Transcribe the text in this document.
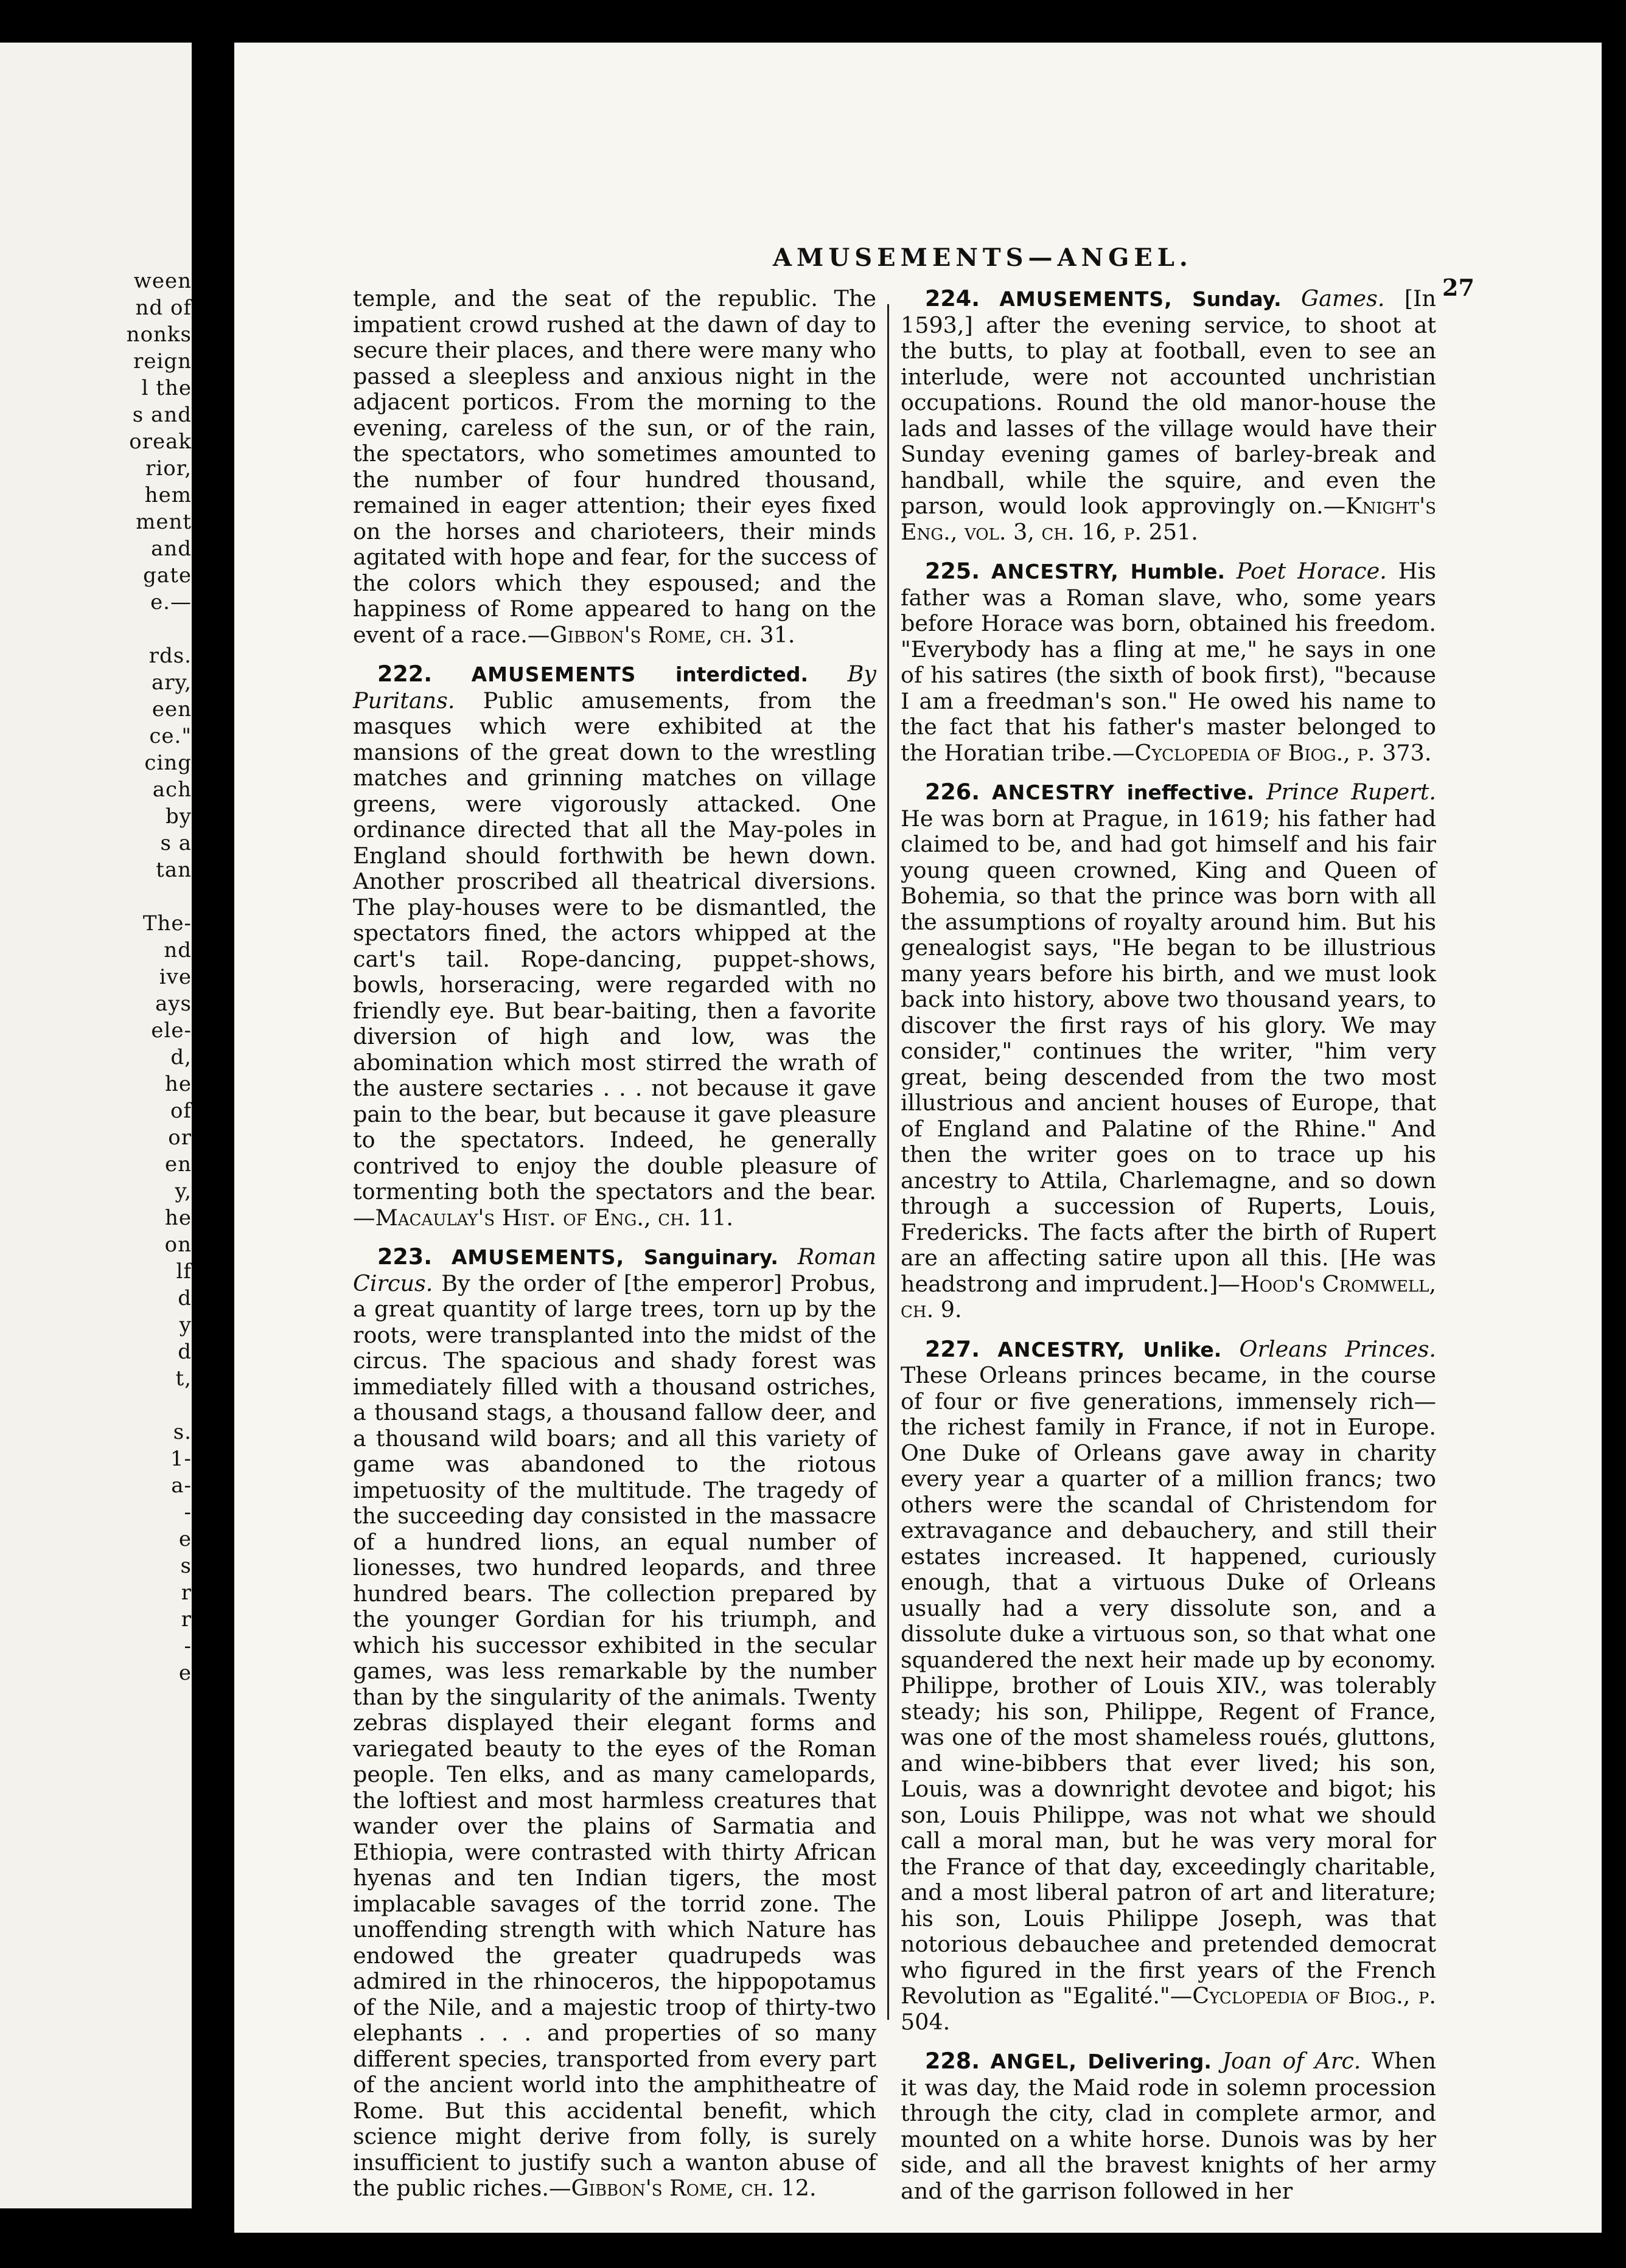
ween
nd of
nonks
reign
l the
s and
oreak
rior,
hem
ment
and
gate
e.—

rds.
ary,
een
ce."
cing
ach
by
s a
tan

The-
nd
ive
ays
ele-
d,
he
of
or
en
y,
he
on
lf
d
y
d
t,

s.
1-
a-
-
e
s
r
r
-
e
AMUSEMENTS—ANGEL.
27

temple, and the seat of the republic. The impatient crowd rushed at the dawn of day to secure their places, and there were many who passed a sleepless and anxious night in the adjacent porticos. From the morning to the evening, careless of the sun, or of the rain, the spectators, who sometimes amounted to the number of four hundred thousand, remained in eager attention; their eyes fixed on the horses and charioteers, their minds agitated with hope and fear, for the success of the colors which they espoused; and the happiness of Rome appeared to hang on the event of a race.—Gibbon's Rome, ch. 31.

222. AMUSEMENTS interdicted. By Puritans. Public amusements, from the masques which were exhibited at the mansions of the great down to the wrestling matches and grinning matches on village greens, were vigorously attacked. One ordinance directed that all the May-poles in England should forthwith be hewn down. Another proscribed all theatrical diversions. The play-houses were to be dismantled, the spectators fined, the actors whipped at the cart's tail. Rope-dancing, puppet-shows, bowls, horseracing, were regarded with no friendly eye. But bear-baiting, then a favorite diversion of high and low, was the abomination which most stirred the wrath of the austere sectaries . . . not because it gave pain to the bear, but because it gave pleasure to the spectators. Indeed, he generally contrived to enjoy the double pleasure of tormenting both the spectators and the bear.—Macaulay's Hist. of Eng., ch. 11.

223. AMUSEMENTS, Sanguinary. Roman Circus. By the order of [the emperor] Probus, a great quantity of large trees, torn up by the roots, were transplanted into the midst of the circus. The spacious and shady forest was immediately filled with a thousand ostriches, a thousand stags, a thousand fallow deer, and a thousand wild boars; and all this variety of game was abandoned to the riotous impetuosity of the multitude. The tragedy of the succeeding day consisted in the massacre of a hundred lions, an equal number of lionesses, two hundred leopards, and three hundred bears. The collection prepared by the younger Gordian for his triumph, and which his successor exhibited in the secular games, was less remarkable by the number than by the singularity of the animals. Twenty zebras displayed their elegant forms and variegated beauty to the eyes of the Roman people. Ten elks, and as many camelopards, the loftiest and most harmless creatures that wander over the plains of Sarmatia and Ethiopia, were contrasted with thirty African hyenas and ten Indian tigers, the most implacable savages of the torrid zone. The unoffending strength with which Nature has endowed the greater quadrupeds was admired in the rhinoceros, the hippopotamus of the Nile, and a majestic troop of thirty-two elephants . . . and properties of so many different species, transported from every part of the ancient world into the amphitheatre of Rome. But this accidental benefit, which science might derive from folly, is surely insufficient to justify such a wanton abuse of the public riches.—Gibbon's Rome, ch. 12.

224. AMUSEMENTS, Sunday. Games. [In 1593,] after the evening service, to shoot at the butts, to play at football, even to see an interlude, were not accounted unchristian occupations. Round the old manor-house the lads and lasses of the village would have their Sunday evening games of barley-break and handball, while the squire, and even the parson, would look approvingly on.—Knight's Eng., vol. 3, ch. 16, p. 251.

225. ANCESTRY, Humble. Poet Horace. His father was a Roman slave, who, some years before Horace was born, obtained his freedom. "Everybody has a fling at me," he says in one of his satires (the sixth of book first), "because I am a freedman's son." He owed his name to the fact that his father's master belonged to the Horatian tribe.—Cyclopedia of Biog., p. 373.

226. ANCESTRY ineffective. Prince Rupert. He was born at Prague, in 1619; his father had claimed to be, and had got himself and his fair young queen crowned, King and Queen of Bohemia, so that the prince was born with all the assumptions of royalty around him. But his genealogist says, "He began to be illustrious many years before his birth, and we must look back into history, above two thousand years, to discover the first rays of his glory. We may consider," continues the writer, "him very great, being descended from the two most illustrious and ancient houses of Europe, that of England and Palatine of the Rhine." And then the writer goes on to trace up his ancestry to Attila, Charlemagne, and so down through a succession of Ruperts, Louis, Fredericks. The facts after the birth of Rupert are an affecting satire upon all this. [He was headstrong and imprudent.]—Hood's Cromwell, ch. 9.

227. ANCESTRY, Unlike. Orleans Princes. These Orleans princes became, in the course of four or five generations, immensely rich—the richest family in France, if not in Europe. One Duke of Orleans gave away in charity every year a quarter of a million francs; two others were the scandal of Christendom for extravagance and debauchery, and still their estates increased. It happened, curiously enough, that a virtuous Duke of Orleans usually had a very dissolute son, and a dissolute duke a virtuous son, so that what one squandered the next heir made up by economy. Philippe, brother of Louis XIV., was tolerably steady; his son, Philippe, Regent of France, was one of the most shameless roués, gluttons, and wine-bibbers that ever lived; his son, Louis, was a downright devotee and bigot; his son, Louis Philippe, was not what we should call a moral man, but he was very moral for the France of that day, exceedingly charitable, and a most liberal patron of art and literature; his son, Louis Philippe Joseph, was that notorious debauchee and pretended democrat who figured in the first years of the French Revolution as "Egalité."—Cyclopedia of Biog., p. 504.

228. ANGEL, Delivering. Joan of Arc. When it was day, the Maid rode in solemn procession through the city, clad in complete armor, and mounted on a white horse. Dunois was by her side, and all the bravest knights of her army and of the garrison followed in her
